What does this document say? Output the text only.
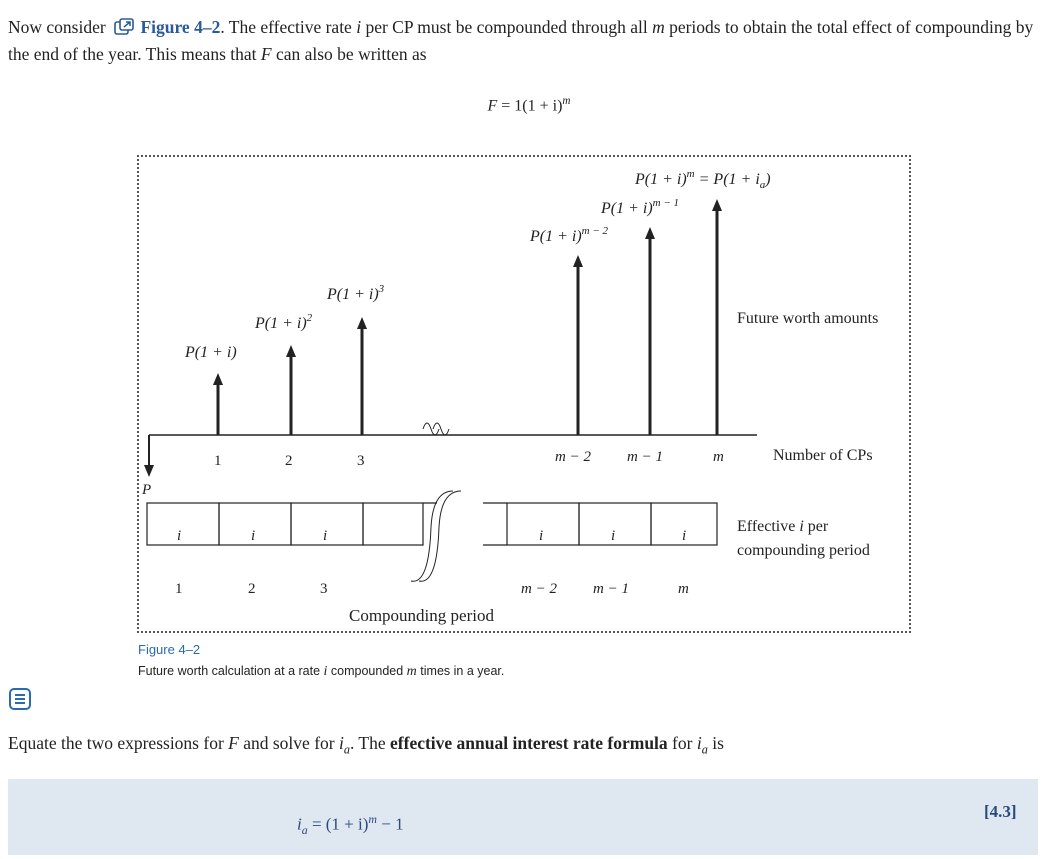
Now consider Figure 4–2. The effective rate i per CP must be compounded through all m periods to obtain the total effect of compounding by the end of the year. This means that F can also be written as
$F = 1(1 + i)^m$
P
P(1 + i)
$P(1 + i)^2$
$P(1 + i)^3$
$P(1 + i)^{m - 2}$
$P(1 + i)^{m - 1}$
$P(1 + i)^m = P(1 + i_a)$
Future worth amounts
Number of CPs
1	2	3	m − 2 m − 1	m
i	i	i	i	i	i
Effective i per
compounding period
1	2	3	m − 2 m − 1	m
Compounding period
Figure 4–2
Future worth calculation at a rate i compounded m times in a year.
Equate the two expressions for F and solve for $i_a$. The effective annual interest rate formula for $i_a$ is
$i_a = (1 + i)^m - 1$
[4.3]
